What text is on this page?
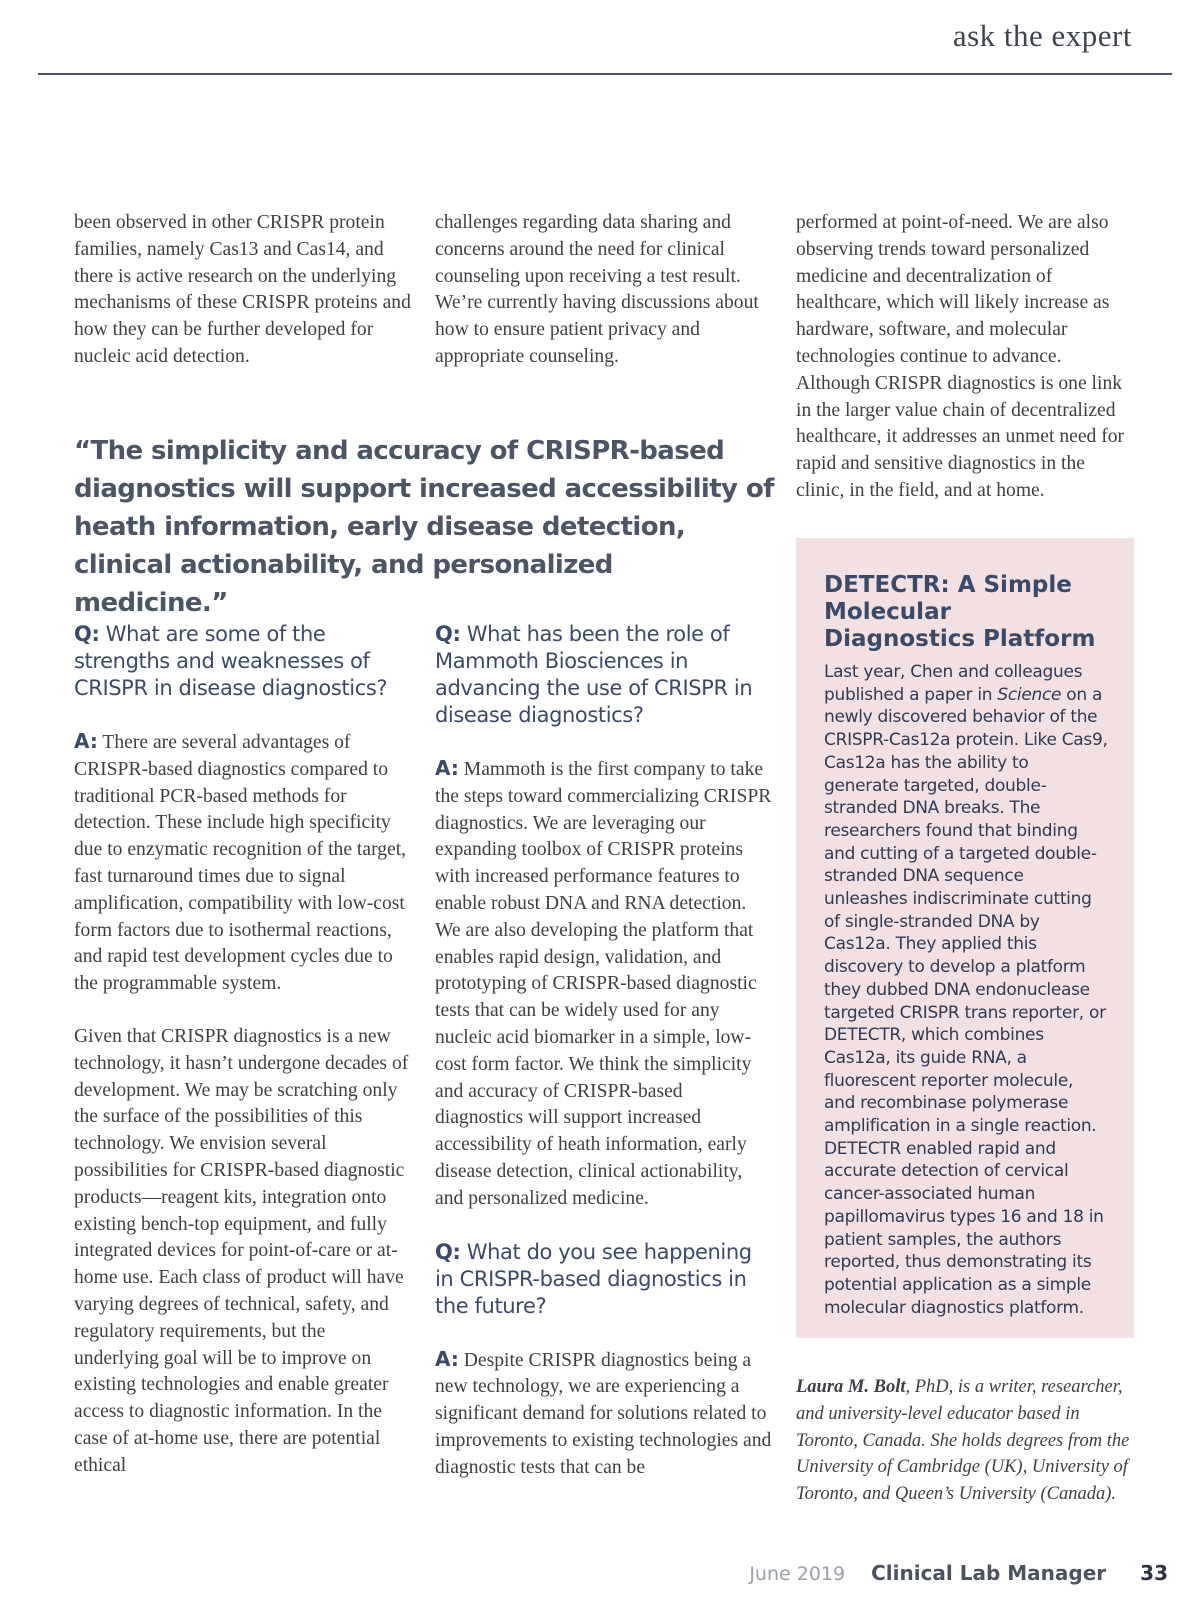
ask the expert

been observed in other CRISPR protein families, namely Cas13 and Cas14, and there is active research on the underlying mechanisms of these CRISPR proteins and how they can be further developed for nucleic acid detection.

challenges regarding data sharing and concerns around the need for clinical counseling upon receiving a test result. We’re currently having discussions about how to ensure patient privacy and appropriate counseling.

performed at point-of-need. We are also observing trends toward personalized medicine and decentralization of healthcare, which will likely increase as hardware, software, and molecular technologies continue to advance. Although CRISPR diagnostics is one link in the larger value chain of decentralized healthcare, it addresses an unmet need for rapid and sensitive diagnostics in the clinic, in the field, and at home.

“The simplicity and accuracy of CRISPR-based diagnostics will support increased accessibility of heath information, early disease detection, clinical actionability, and personalized medicine.”

Q: What are some of the strengths and weaknesses of CRISPR in disease diagnostics?

A: There are several advantages of CRISPR-based diagnostics compared to traditional PCR-based methods for detection. These include high specificity due to enzymatic recognition of the target, fast turnaround times due to signal amplification, compatibility with low-cost form factors due to isothermal reactions, and rapid test development cycles due to the programmable system.

Given that CRISPR diagnostics is a new technology, it hasn’t undergone decades of development. We may be scratching only the surface of the possibilities of this technology. We envision several possibilities for CRISPR-based diagnostic products—reagent kits, integration onto existing bench-top equipment, and fully integrated devices for point-of-care or at-home use. Each class of product will have varying degrees of technical, safety, and regulatory requirements, but the underlying goal will be to improve on existing technologies and enable greater access to diagnostic information. In the case of at-home use, there are potential ethical

Q: What has been the role of Mammoth Biosciences in advancing the use of CRISPR in disease diagnostics?

A: Mammoth is the first company to take the steps toward commercializing CRISPR diagnostics. We are leveraging our expanding toolbox of CRISPR proteins with increased performance features to enable robust DNA and RNA detection. We are also developing the platform that enables rapid design, validation, and prototyping of CRISPR-based diagnostic tests that can be widely used for any nucleic acid biomarker in a simple, low-cost form factor. We think the simplicity and accuracy of CRISPR-based diagnostics will support increased accessibility of heath information, early disease detection, clinical actionability, and personalized medicine.

Q: What do you see happening in CRISPR-based diagnostics in the future?

A: Despite CRISPR diagnostics being a new technology, we are experiencing a significant demand for solutions related to improvements to existing technologies and diagnostic tests that can be

DETECTR: A Simple Molecular Diagnostics Platform

Last year, Chen and colleagues published a paper in Science on a newly discovered behavior of the CRISPR-Cas12a protein. Like Cas9, Cas12a has the ability to generate targeted, double-stranded DNA breaks. The researchers found that binding and cutting of a targeted double-stranded DNA sequence unleashes indiscriminate cutting of single-stranded DNA by Cas12a. They applied this discovery to develop a platform they dubbed DNA endonuclease targeted CRISPR trans reporter, or DETECTR, which combines Cas12a, its guide RNA, a fluorescent reporter molecule, and recombinase polymerase amplification in a single reaction. DETECTR enabled rapid and accurate detection of cervical cancer-associated human papillomavirus types 16 and 18 in patient samples, the authors reported, thus demonstrating its potential application as a simple molecular diagnostics platform.

Laura M. Bolt, PhD, is a writer, researcher, and university-level educator based in Toronto, Canada. She holds degrees from the University of Cambridge (UK), University of Toronto, and Queen’s University (Canada).
June 2019 Clinical Lab Manager 33
